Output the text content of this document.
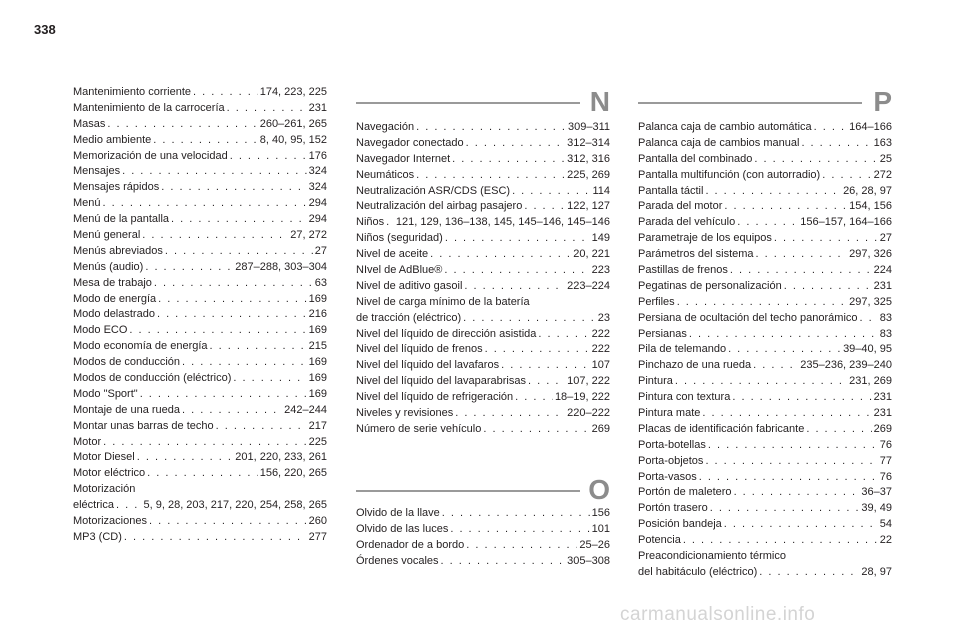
338
Mantenimiento corriente . . .	174, 223, 225
Mantenimiento de la carrocería . . .	231
Masas . . .	260–261, 265
Medio ambiente . . .	8, 40, 95, 152
Memorización de una velocidad . . .	176
Mensajes . . .	324
Mensajes rápidos . . .	324
Menú . . .	294
Menú de la pantalla . . .	294
Menú general . . .	27, 272
Menús abreviados . . .	27
Menús (audio) . . .	287–288, 303–304
Mesa de trabajo . . .	63
Modo de energía . . .	169
Modo delastrado . . .	216
Modo ECO . . .	169
Modo economía de energía . . .	215
Modos de conducción . . .	169
Modos de conducción (eléctrico) . . .	169
Modo "Sport" . . .	169
Montaje de una rueda . . .	242–244
Montar unas barras de techo . . .	217
Motor . . .	225
Motor Diesel . . .	201, 220, 233, 261
Motor eléctrico . . .	156, 220, 265
Motorización
eléctrica . . .	5, 9, 28, 203, 217, 220, 254, 258, 265
Motorizaciones . . .	260
MP3 (CD) . . .	277
N
Navegación . . .	309–311
Navegador conectado . . .	312–314
Navegador Internet . . .	312, 316
Neumáticos . . .	225, 269
Neutralización ASR/CDS (ESC) . . .	114
Neutralización del airbag pasajero . . .	122, 127
Niños . . . 121, 129, 136–138, 145, 145–146, 145–146
Niños (seguridad) . . .	149
Nivel de aceite . . .	20, 221
NIvel de AdBlue® . . .	223
Nivel de aditivo gasoil . . .	223–224
Nivel de carga mínimo de la batería
de tracción (eléctrico) . . .	23
Nivel del líquido de dirección asistida . . .	222
Nivel del líquido de frenos . . .	222
Nivel del líquido del lavafaros . . .	107
Nivel del líquido del lavaparabrisas . . .	107, 222
Nivel del líquido de refrigeración . . .	18–19, 222
Niveles y revisiones . . .	220–222
Número de serie vehículo . . .	269
O
Olvido de la llave . . .	156
Olvido de las luces . . .	101
Ordenador de a bordo . . .	25–26
Órdenes vocales . . .	305–308
P
Palanca caja de cambio automática . . .	164–166
Palanca caja de cambios manual . . .	163
Pantalla del combinado . . .	25
Pantalla multifunción (con autorradio) . . .	272
Pantalla táctil . . .	26, 28, 97
Parada del motor . . .	154, 156
Parada del vehículo . . .	156–157, 164–166
Parametraje de los equipos . . .	27
Parámetros del sistema . . .	297, 326
Pastillas de frenos . . .	224
Pegatinas de personalización . . .	231
Perfiles . . .	297, 325
Persiana de ocultación del techo panorámico . . . 83
Persianas . . .	83
Pila de telemando . . .	39–40, 95
Pinchazo de una rueda . . .	235–236, 239–240
Pintura . . .	231, 269
Pintura con textura . . .	231
Pintura mate . . .	231
Placas de identificación fabricante . . .	269
Porta-botellas . . .	76
Porta-objetos . . .	77
Porta-vasos . . .	76
Portón de maletero . . .	36–37
Portón trasero . . .	39, 49
Posición bandeja . . .	54
Potencia . . .	22
Preacondicionamiento térmico
del habitáculo (eléctrico) . . .	28, 97
carmanualsonline.info
